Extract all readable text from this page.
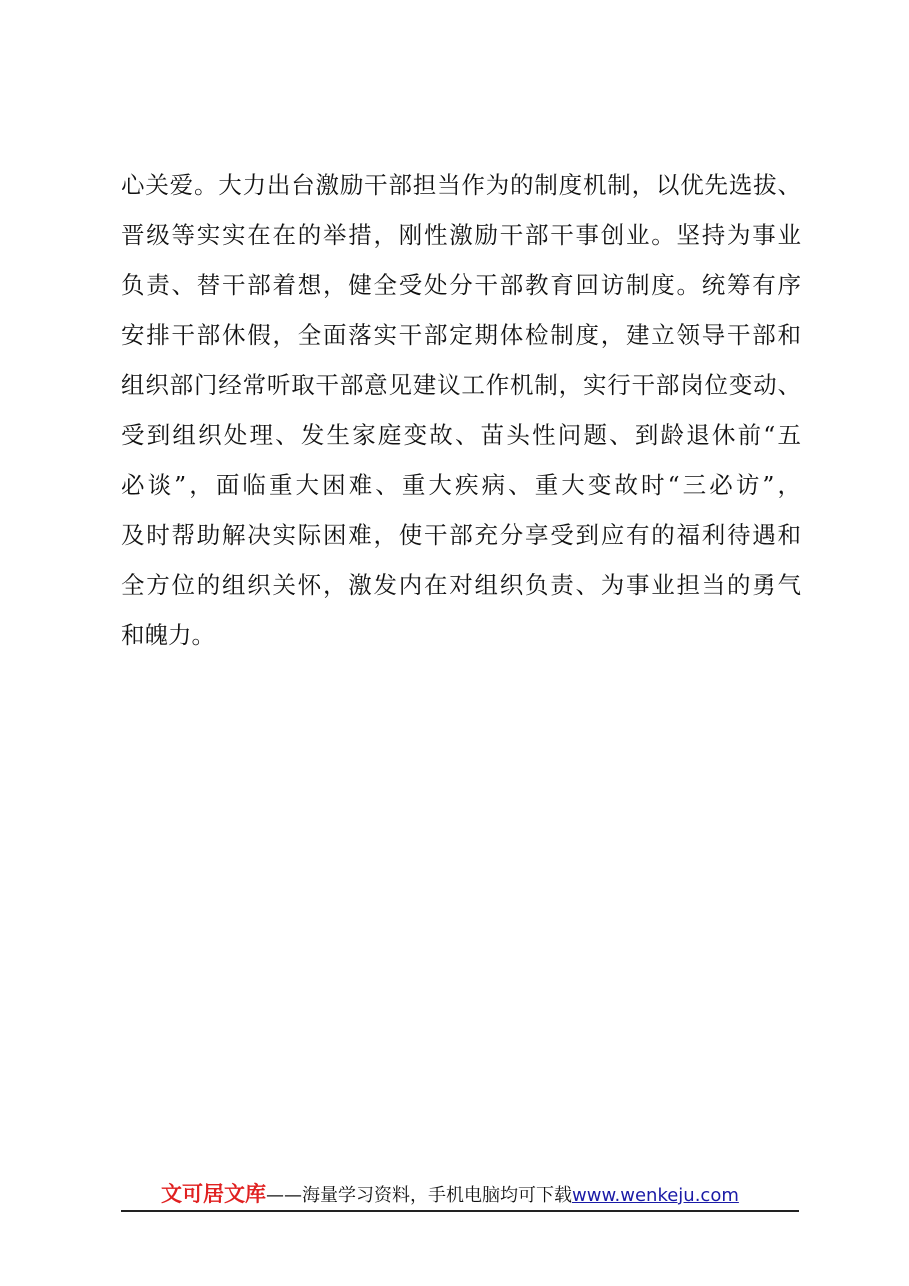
心关爱。大力出台激励干部担当作为的制度机制，以优先选拔、
晋级等实实在在的举措，刚性激励干部干事创业。坚持为事业
负责、替干部着想，健全受处分干部教育回访制度。统筹有序
安排干部休假，全面落实干部定期体检制度，建立领导干部和
组织部门经常听取干部意见建议工作机制，实行干部岗位变动、
受到组织处理、发生家庭变故、苗头性问题、到龄退休前“五
必谈”，面临重大困难、重大疾病、重大变故时“三必访”，
及时帮助解决实际困难，使干部充分享受到应有的福利待遇和
全方位的组织关怀，激发内在对组织负责、为事业担当的勇气
和魄力。
文可居文库——海量学习资料，手机电脑均可下载www.wenkeju.com
